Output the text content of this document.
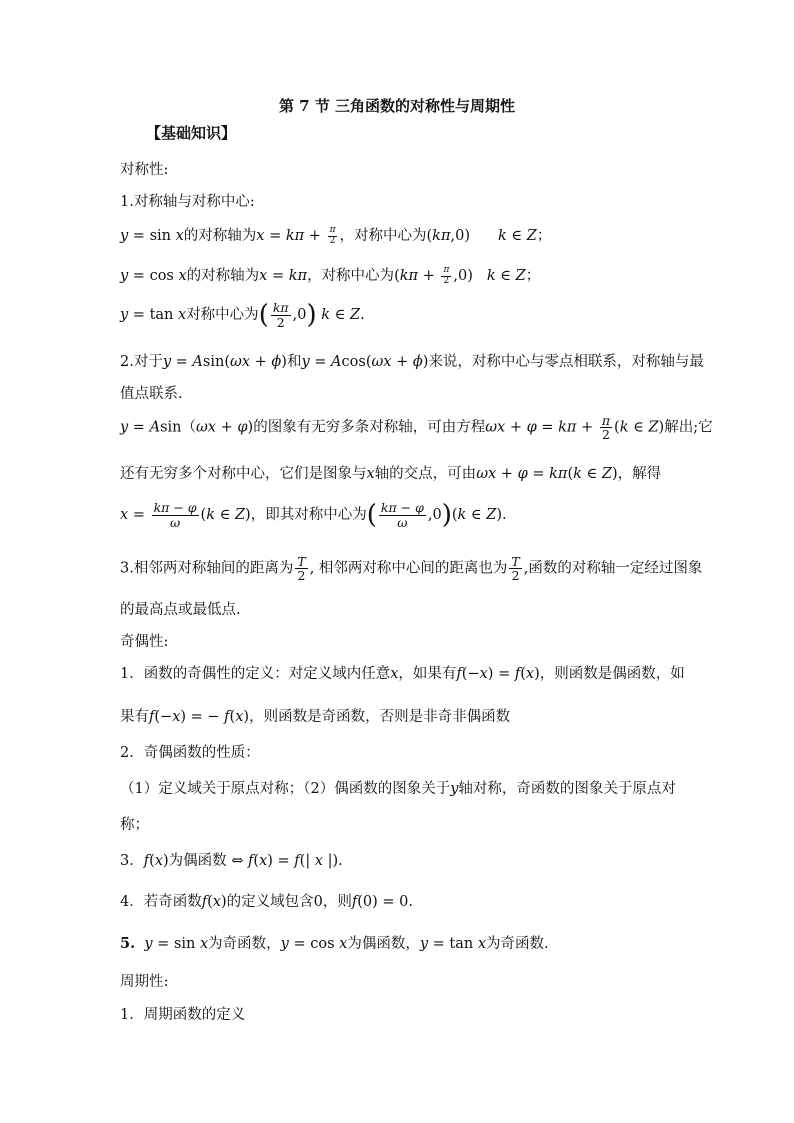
第 7 节 三角函数的对称性与周期性
【基础知识】
对称性:
1.对称轴与对称中心:
y = sin x的对称轴为$x = k\pi + \frac{\pi}{2}$ ，对称中心为(kπ,0) k ∈ Z；
y = cos x的对称轴为x = kπ，对称中心为$(k\pi + \frac{\pi}{2} ,0)$ k ∈ Z；
y = tan x对称中心为( $\frac{k\pi}{2} ,0$) k ∈ Z.
2.对于y = Asin(ωx + ϕ)和y = Acos(ωx + ϕ)来说，对称中心与零点相联系，对称轴与最
值点联系.
y = Asin（ωx + φ)的图象有无穷多条对称轴，可由方程$\omega x + \varphi = k\pi + \frac{\pi}{2} (k$ ∈ Z)解出;它
还有无穷多个对称中心，它们是图象与x轴的交点，可由ωx + φ = kπ(k ∈ Z)，解得
$x = \frac{k\pi - \varphi}{\omega} (k$ ∈ Z)，即其对称中心为( $\frac{k\pi - \varphi}{\omega} ,0)(k$ ∈ Z).
3.相邻两对称轴间的距离为 $\frac{T}{2}$ , 相邻两对称中心间的距离也为 $\frac{T}{2}$ ,函数的对称轴一定经过图象
的最高点或最低点.
奇偶性:
1．函数的奇偶性的定义：对定义域内任意x，如果有f(−x) = f(x)，则函数是偶函数，如
果有f(−x) = − f(x)，则函数是奇函数，否则是非奇非偶函数
2．奇偶函数的性质：
（1）定义域关于原点对称；（2）偶函数的图象关于y轴对称，奇函数的图象关于原点对
称；
3．f(x)为偶函数 ⇔ f(x) = f(| x |).
4．若奇函数f(x)的定义域包含0，则f(0) = 0.
5. y = sin x为奇函数，y = cos x为偶函数，y = tan x为奇函数.
周期性:
1．周期函数的定义
